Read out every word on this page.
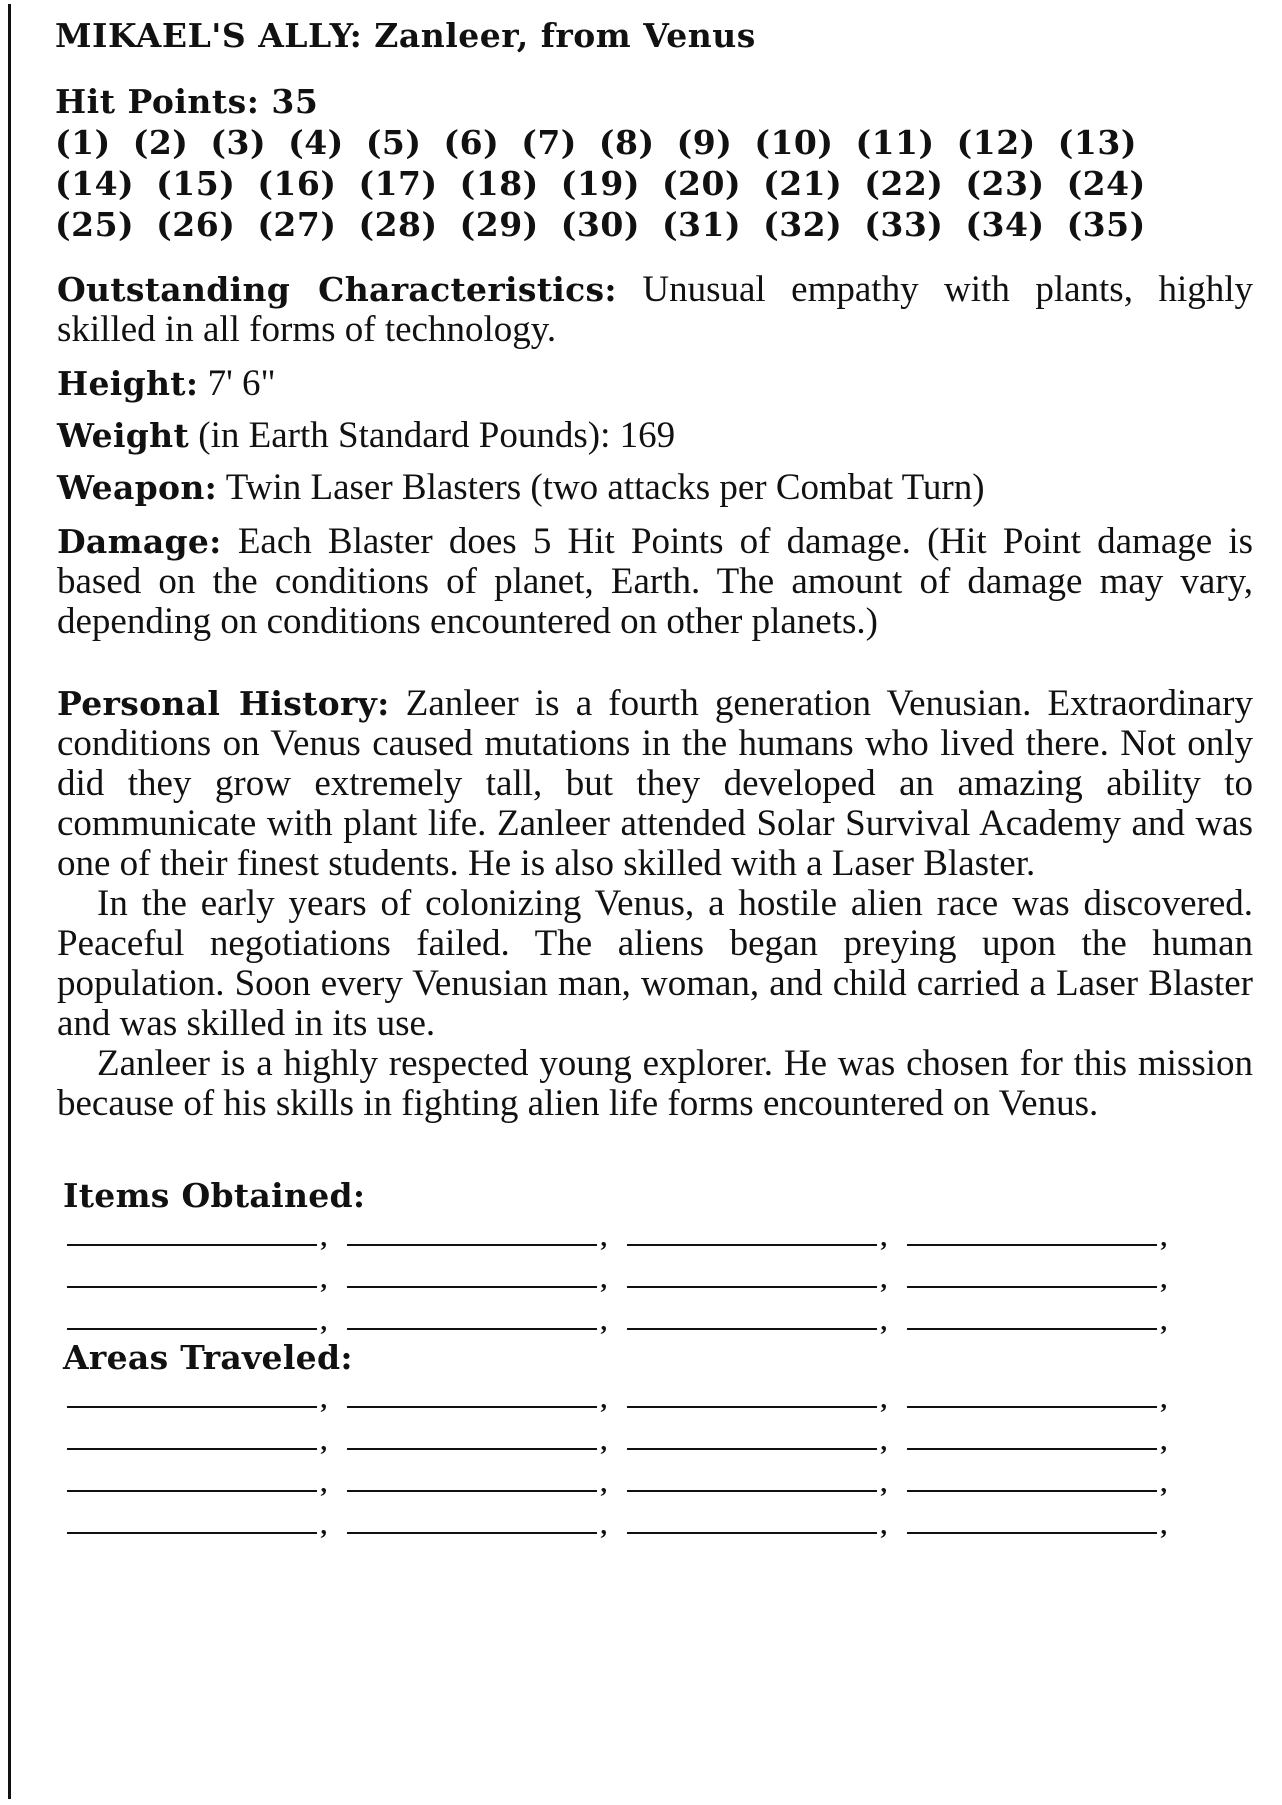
MIKAEL'S ALLY: Zanleer, from Venus
Hit Points: 35
(1) (2) (3) (4) (5) (6) (7) (8) (9) (10) (11) (12) (13)
(14) (15) (16) (17) (18) (19) (20) (21) (22) (23) (24)
(25) (26) (27) (28) (29) (30) (31) (32) (33) (34) (35)
Outstanding Characteristics: Unusual empathy with plants, highly skilled in all forms of technology.
Height: 7' 6"
Weight (in Earth Standard Pounds): 169
Weapon: Twin Laser Blasters (two attacks per Combat Turn)
Damage: Each Blaster does 5 Hit Points of damage. (Hit Point damage is based on the conditions of planet, Earth. The amount of damage may vary, depending on conditions encountered on other planets.)
Personal History: Zanleer is a fourth generation Venusian. Extraordinary conditions on Venus caused mutations in the humans who lived there. Not only did they grow extremely tall, but they developed an amazing ability to communicate with plant life. Zanleer attended Solar Survival Academy and was one of their finest students. He is also skilled with a Laser Blaster.
In the early years of colonizing Venus, a hostile alien race was discovered. Peaceful negotiations failed. The aliens began preying upon the human population. Soon every Venusian man, woman, and child carried a Laser Blaster and was skilled in its use.
Zanleer is a highly respected young explorer. He was chosen for this mission because of his skills in fighting alien life forms encountered on Venus.
Items Obtained:
,
,
,
,
,
,
,
,
,
,
,
,
Areas Traveled:
,
,
,
,
,
,
,
,
,
,
,
,
,
,
,
,
